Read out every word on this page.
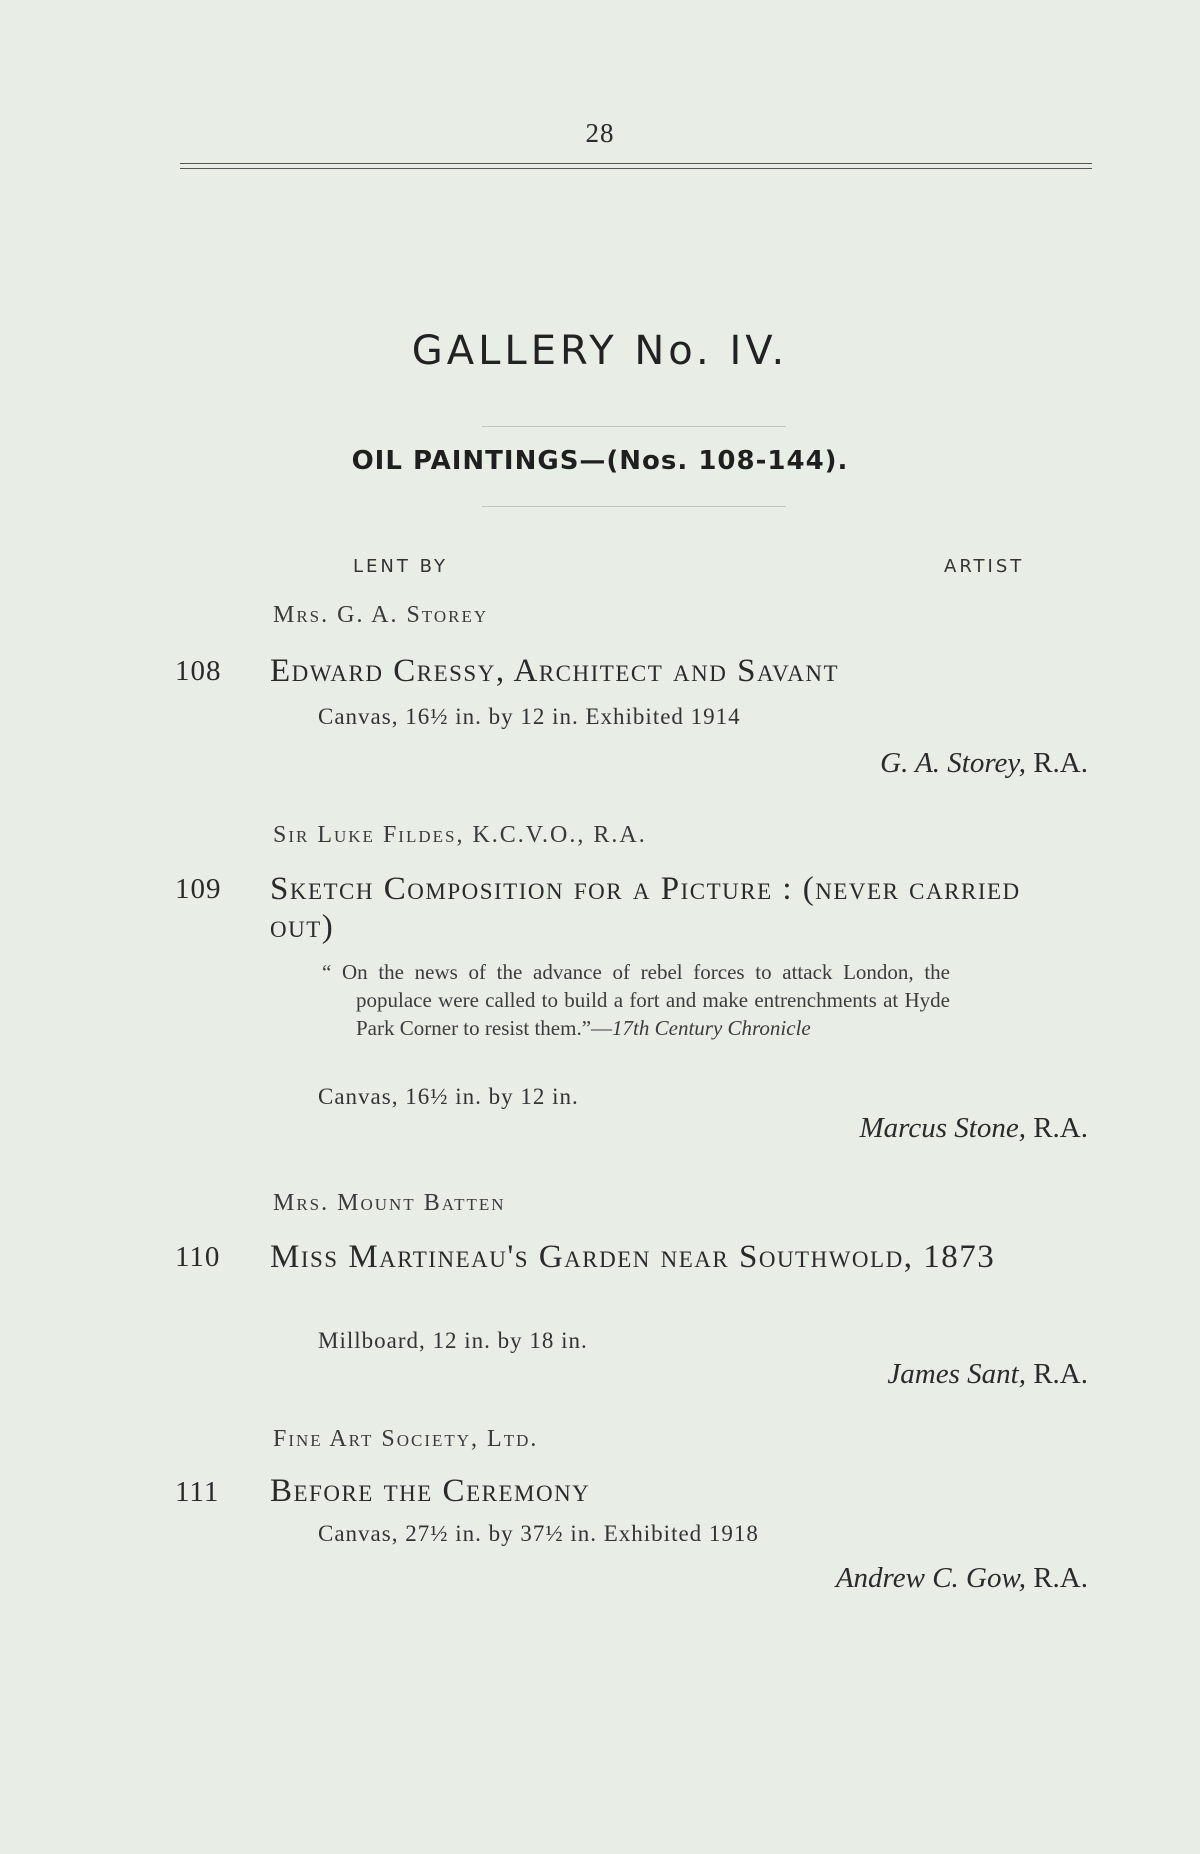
28
GALLERY No. IV.
OIL PAINTINGS—(Nos. 108-144).
LENT BY	ARTIST
Mrs. G. A. Storey
108 Edward Cressy, Architect and Savant
Canvas, 16½ in. by 12 in. Exhibited 1914
G. A. Storey, R.A.
Sir Luke Fildes, K.C.V.O., R.A.
109 Sketch Composition for a Picture : (never carried out)
“ On the news of the advance of rebel forces to attack London, the populace were called to build a fort and make entrenchments at Hyde Park Corner to resist them.”—17th Century Chronicle
Canvas, 16½ in. by 12 in.
Marcus Stone, R.A.
Mrs. Mount Batten
110 Miss Martineau's Garden near Southwold, 1873
Millboard, 12 in. by 18 in.
James Sant, R.A.
Fine Art Society, Ltd.
111 Before the Ceremony
Canvas, 27½ in. by 37½ in. Exhibited 1918
Andrew C. Gow, R.A.
